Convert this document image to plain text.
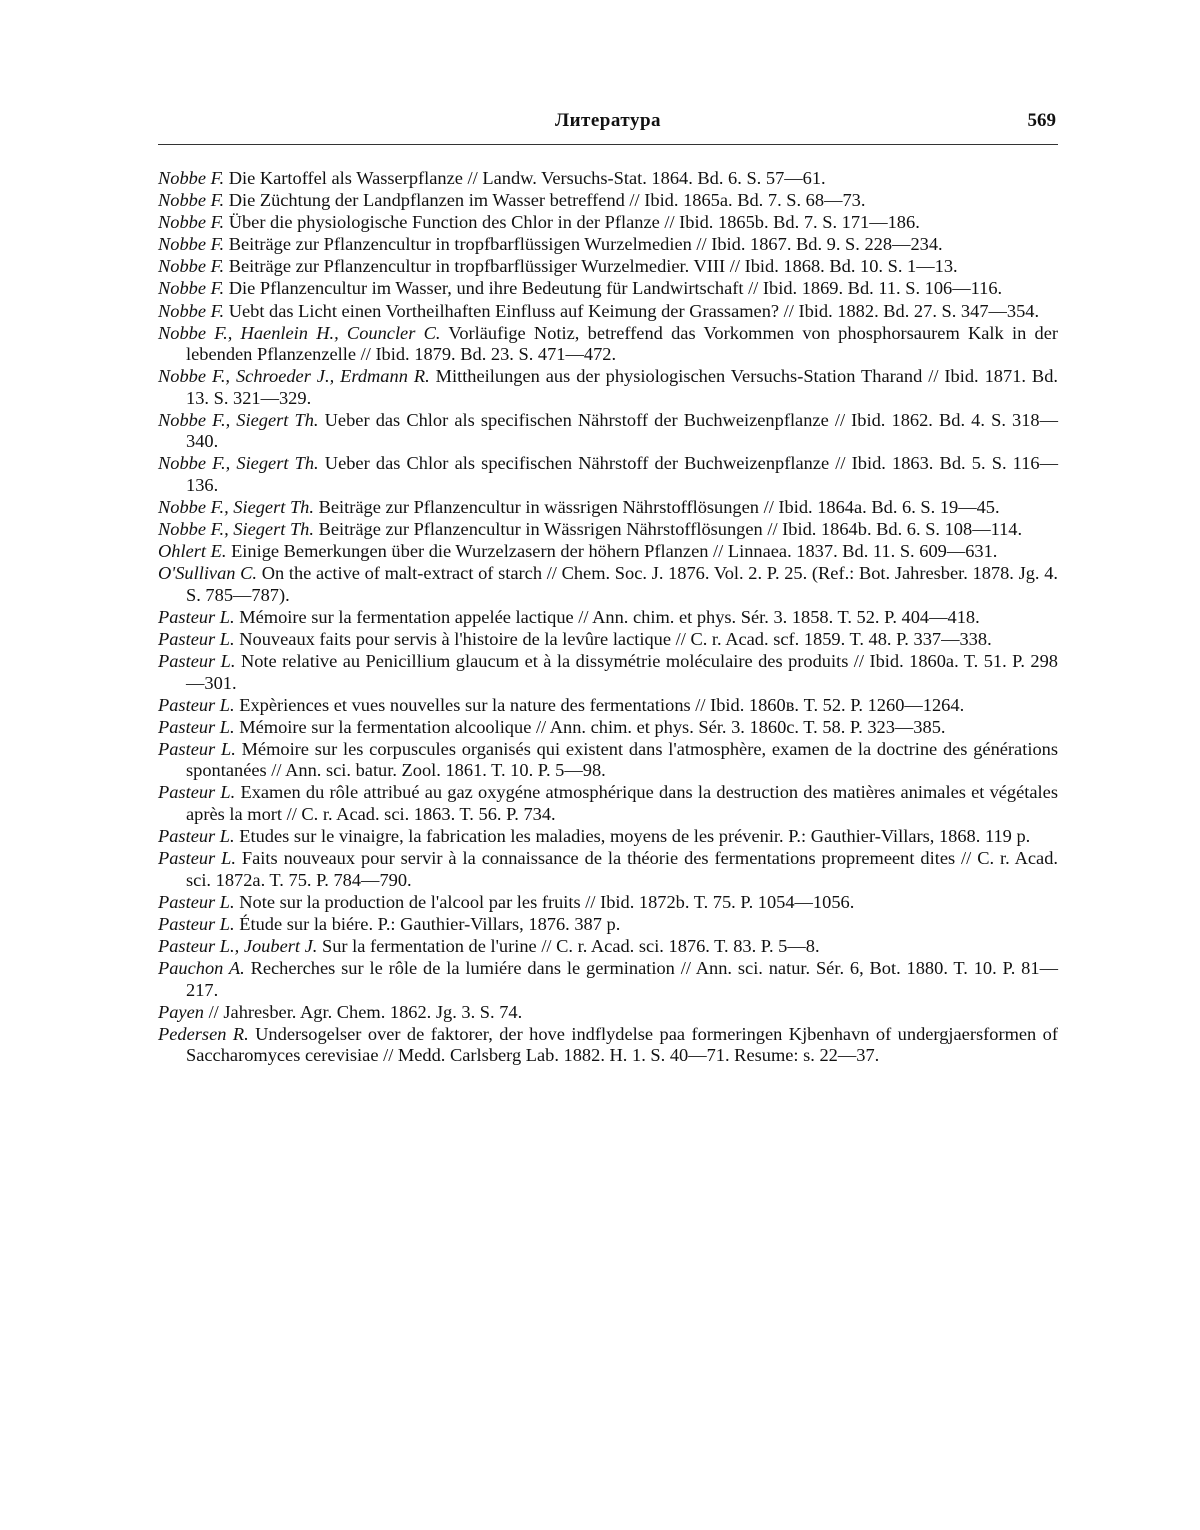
Литература	569

Nobbe F. Die Kartoffel als Wasserpflanze // Landw. Versuchs-Stat. 1864. Bd. 6. S. 57—61.

Nobbe F. Die Züchtung der Landpflanzen im Wasser betreffend // Ibid. 1865a. Bd. 7. S. 68—73.

Nobbe F. Über die physiologische Function des Chlor in der Pflanze // Ibid. 1865b. Bd. 7. S. 171—186.

Nobbe F. Beiträge zur Pflanzencultur in tropfbarflüssigen Wurzelmedien // Ibid. 1867. Bd. 9. S. 228—234.

Nobbe F. Beiträge zur Pflanzencultur in tropfbarflüssiger Wurzelmedier. VIII // Ibid. 1868. Bd. 10. S. 1—13.

Nobbe F. Die Pflanzencultur im Wasser, und ihre Bedeutung für Landwirtschaft // Ibid. 1869. Bd. 11. S. 106—116.

Nobbe F. Uebt das Licht einen Vortheilhaften Einfluss auf Keimung der Grassamen? // Ibid. 1882. Bd. 27. S. 347—354.

Nobbe F., Haenlein H., Councler C. Vorläufige Notiz, betreffend das Vorkommen von phosphorsaurem Kalk in der lebenden Pflanzenzelle // Ibid. 1879. Bd. 23. S. 471—472.

Nobbe F., Schroeder J., Erdmann R. Mittheilungen aus der physiologischen Versuchs-Station Tharand // Ibid. 1871. Bd. 13. S. 321—329.

Nobbe F., Siegert Th. Ueber das Chlor als specifischen Nährstoff der Buchweizenpflanze // Ibid. 1862. Bd. 4. S. 318—340.

Nobbe F., Siegert Th. Ueber das Chlor als specifischen Nährstoff der Buchweizenpflanze // Ibid. 1863. Bd. 5. S. 116—136.

Nobbe F., Siegert Th. Beiträge zur Pflanzencultur in wässrigen Nährstofflösungen // Ibid. 1864a. Bd. 6. S. 19—45.

Nobbe F., Siegert Th. Beiträge zur Pflanzencultur in Wässrigen Nährstofflösungen // Ibid. 1864b. Bd. 6. S. 108—114.

Ohlert E. Einige Bemerkungen über die Wurzelzasern der höhern Pflanzen // Linnaea. 1837. Bd. 11. S. 609—631.

O'Sullivan C. On the active of malt-extract of starch // Chem. Soc. J. 1876. Vol. 2. P. 25. (Ref.: Bot. Jahresber. 1878. Jg. 4. S. 785—787).

Pasteur L. Mémoire sur la fermentation appelée lactique // Ann. chim. et phys. Sér. 3. 1858. T. 52. P. 404—418.

Pasteur L. Nouveaux faits pour servis à l'histoire de la levûre lactique // C. r. Acad. scf. 1859. T. 48. P. 337—338.

Pasteur L. Note relative au Penicillium glaucum et à la dissymétrie moléculaire des produits // Ibid. 1860a. T. 51. P. 298—301.

Pasteur L. Expèriences et vues nouvelles sur la nature des fermentations // Ibid. 1860в. T. 52. P. 1260—1264.

Pasteur L. Mémoire sur la fermentation alcoolique // Ann. chim. et phys. Sér. 3. 1860c. T. 58. P. 323—385.

Pasteur L. Mémoire sur les corpuscules organisés qui existent dans l'atmosphère, examen de la doctrine des générations spontanées // Ann. sci. batur. Zool. 1861. T. 10. P. 5—98.

Pasteur L. Examen du rôle attribué au gaz oxygéne atmosphérique dans la destruction des matières animales et végétales après la mort // C. r. Acad. sci. 1863. T. 56. P. 734.

Pasteur L. Etudes sur le vinaigre, la fabrication les maladies, moyens de les prévenir. P.: Gauthier-Villars, 1868. 119 p.

Pasteur L. Faits nouveaux pour servir à la connaissance de la théorie des fermentations propremeent dites // C. r. Acad. sci. 1872a. T. 75. P. 784—790.

Pasteur L. Note sur la production de l'alcool par les fruits // Ibid. 1872b. T. 75. P. 1054—1056.

Pasteur L. Étude sur la biére. P.: Gauthier-Villars, 1876. 387 p.

Pasteur L., Joubert J. Sur la fermentation de l'urine // C. r. Acad. sci. 1876. T. 83. P. 5—8.

Pauchon A. Recherches sur le rôle de la lumiére dans le germination // Ann. sci. natur. Sér. 6, Bot. 1880. T. 10. P. 81—217.

Payen // Jahresber. Agr. Chem. 1862. Jg. 3. S. 74.

Pedersen R. Undersogelser over de faktorer, der hove indflydelse paa formeringen Kjbenhavn of undergjaersformen of Saccharomyces cerevisiae // Medd. Carlsberg Lab. 1882. H. 1. S. 40—71. Resume: s. 22—37.
